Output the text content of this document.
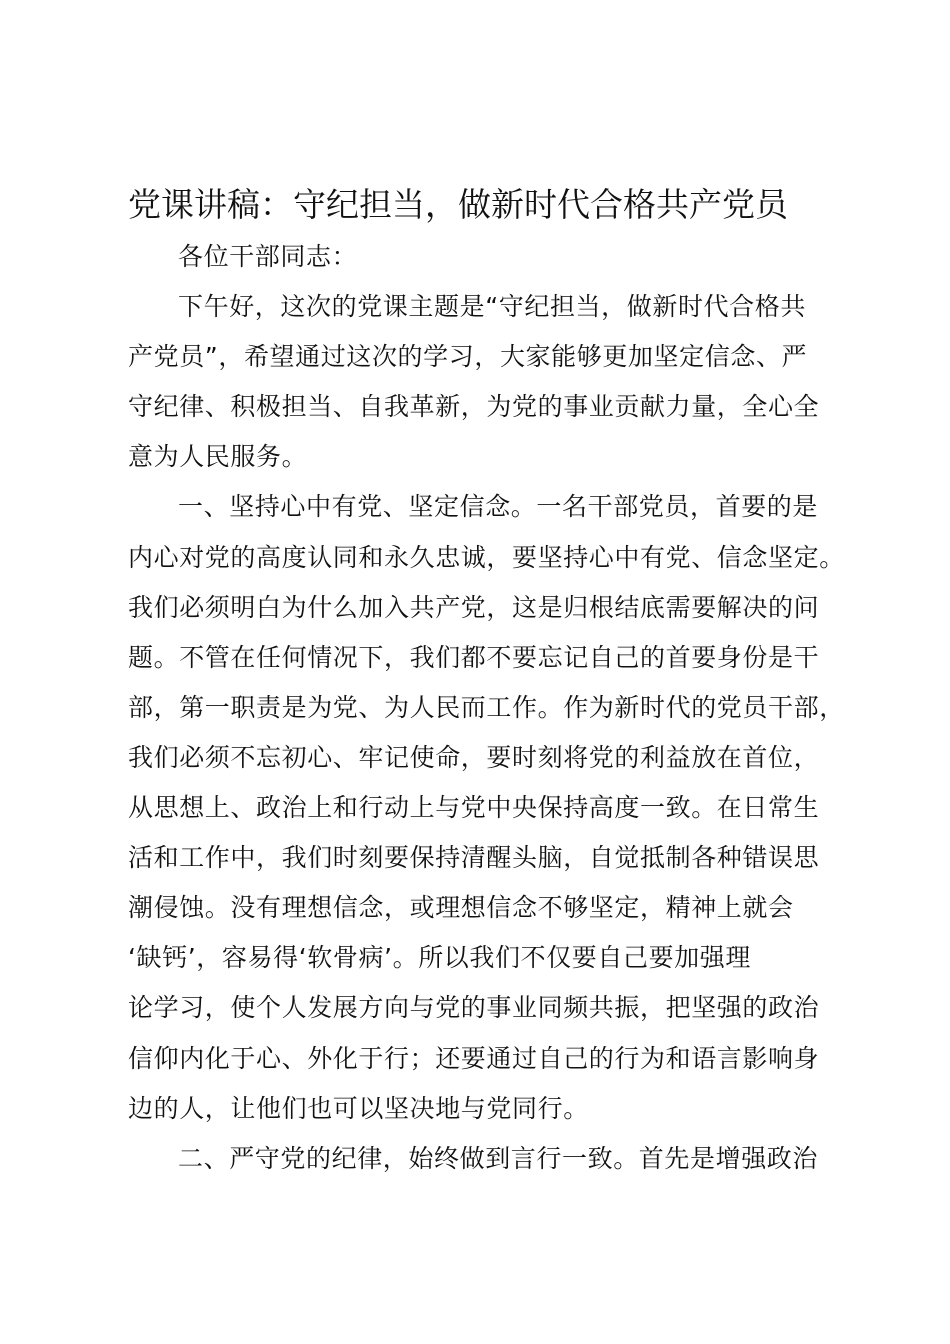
党课讲稿：守纪担当，做新时代合格共产党员

各位干部同志：

下午好，这次的党课主题是“守纪担当，做新时代合格共
产党员”，希望通过这次的学习，大家能够更加坚定信念、严
守纪律、积极担当、自我革新，为党的事业贡献力量，全心全
意为人民服务。

一、坚持心中有党、坚定信念。一名干部党员，首要的是
内心对党的高度认同和永久忠诚，要坚持心中有党、信念坚定。
我们必须明白为什么加入共产党，这是归根结底需要解决的问
题。不管在任何情况下，我们都不要忘记自己的首要身份是干
部，第一职责是为党、为人民而工作。作为新时代的党员干部，
我们必须不忘初心、牢记使命，要时刻将党的利益放在首位，
从思想上、政治上和行动上与党中央保持高度一致。在日常生
活和工作中，我们时刻要保持清醒头脑，自觉抵制各种错误思
潮侵蚀。没有理想信念，或理想信念不够坚定，精神上就会
‘缺钙’，容易得‘软骨病’。所以我们不仅要自己要加强理
论学习，使个人发展方向与党的事业同频共振，把坚强的政治
信仰内化于心、外化于行；还要通过自己的行为和语言影响身
边的人，让他们也可以坚决地与党同行。

二、严守党的纪律，始终做到言行一致。首先是增强政治
